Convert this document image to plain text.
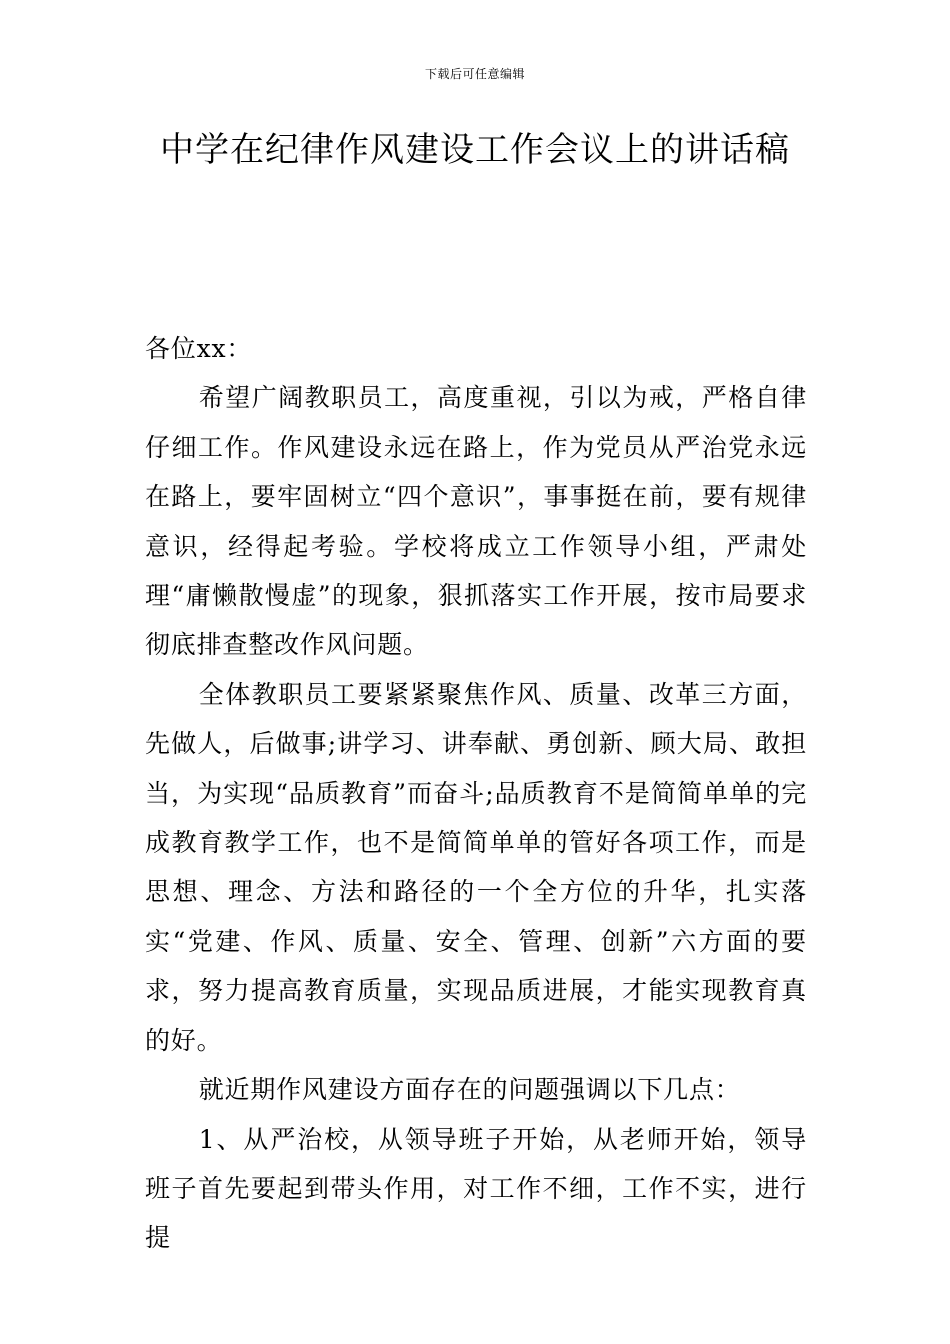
下载后可任意编辑
中学在纪律作风建设工作会议上的讲话稿

各位xx：

希望广阔教职员工，高度重视，引以为戒，严格自律仔细工作。作风建设永远在路上，作为党员从严治党永远在路上，要牢固树立“四个意识”，事事挺在前，要有规律意识，经得起考验。学校将成立工作领导小组，严肃处理“庸懒散慢虚”的现象，狠抓落实工作开展，按市局要求彻底排查整改作风问题。

全体教职员工要紧紧聚焦作风、质量、改革三方面，先做人，后做事;讲学习、讲奉献、勇创新、顾大局、敢担当，为实现“品质教育”而奋斗;品质教育不是简简单单的完成教育教学工作，也不是简简单单的管好各项工作，而是思想、理念、方法和路径的一个全方位的升华，扎实落实“党建、作风、质量、安全、管理、创新”六方面的要求，努力提高教育质量，实现品质进展，才能实现教育真的好。

就近期作风建设方面存在的问题强调以下几点：

1、从严治校，从领导班子开始，从老师开始，领导班子首先要起到带头作用，对工作不细，工作不实，进行提
